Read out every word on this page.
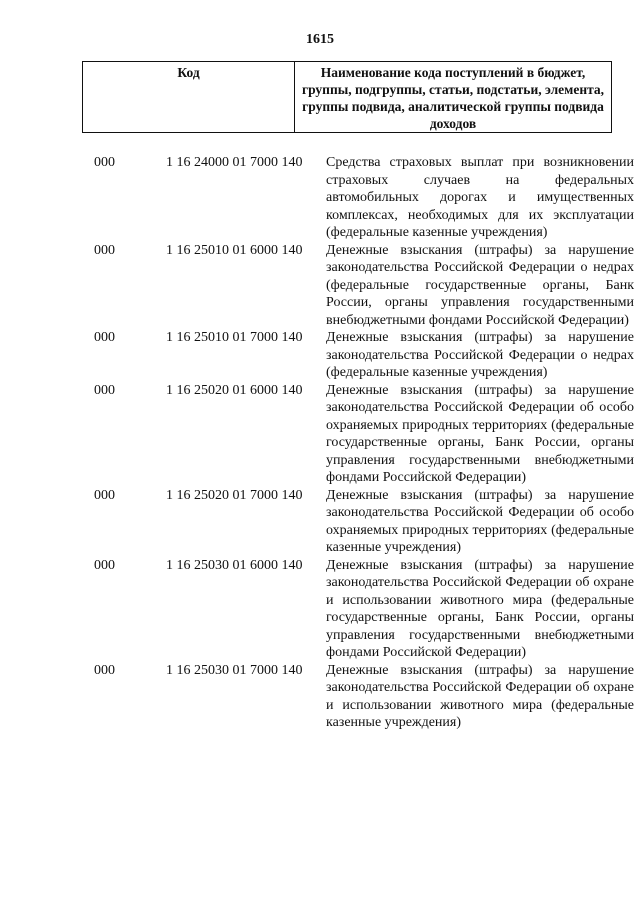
1615
Код	Наименование кода поступлений в бюджет, группы, подгруппы, статьи, подстатьи, элемента, группы подвида, аналитической группы подвида доходов
000	1 16 24000 01 7000 140	Средства страховых выплат при возникновении страховых случаев на федеральных автомобильных дорогах и имущественных комплексах, необходимых для их эксплуатации (федеральные казенные учреждения)
000	1 16 25010 01 6000 140	Денежные взыскания (штрафы) за нарушение законодательства Российской Федерации о недрах (федеральные государственные органы, Банк России, органы управления государственными внебюджетными фондами Российской Федерации)
000	1 16 25010 01 7000 140	Денежные взыскания (штрафы) за нарушение законодательства Российской Федерации о недрах (федеральные казенные учреждения)
000	1 16 25020 01 6000 140	Денежные взыскания (штрафы) за нарушение законодательства Российской Федерации об особо охраняемых природных территориях (федеральные государственные органы, Банк России, органы управления государственными внебюджетными фондами Российской Федерации)
000	1 16 25020 01 7000 140	Денежные взыскания (штрафы) за нарушение законодательства Российской Федерации об особо охраняемых природных территориях (федеральные казенные учреждения)
000	1 16 25030 01 6000 140	Денежные взыскания (штрафы) за нарушение законодательства Российской Федерации об охране и использовании животного мира (федеральные государственные органы, Банк России, органы управления государственными внебюджетными фондами Российской Федерации)
000	1 16 25030 01 7000 140	Денежные взыскания (штрафы) за нарушение законодательства Российской Федерации об охране и использовании животного мира (федеральные казенные учреждения)
